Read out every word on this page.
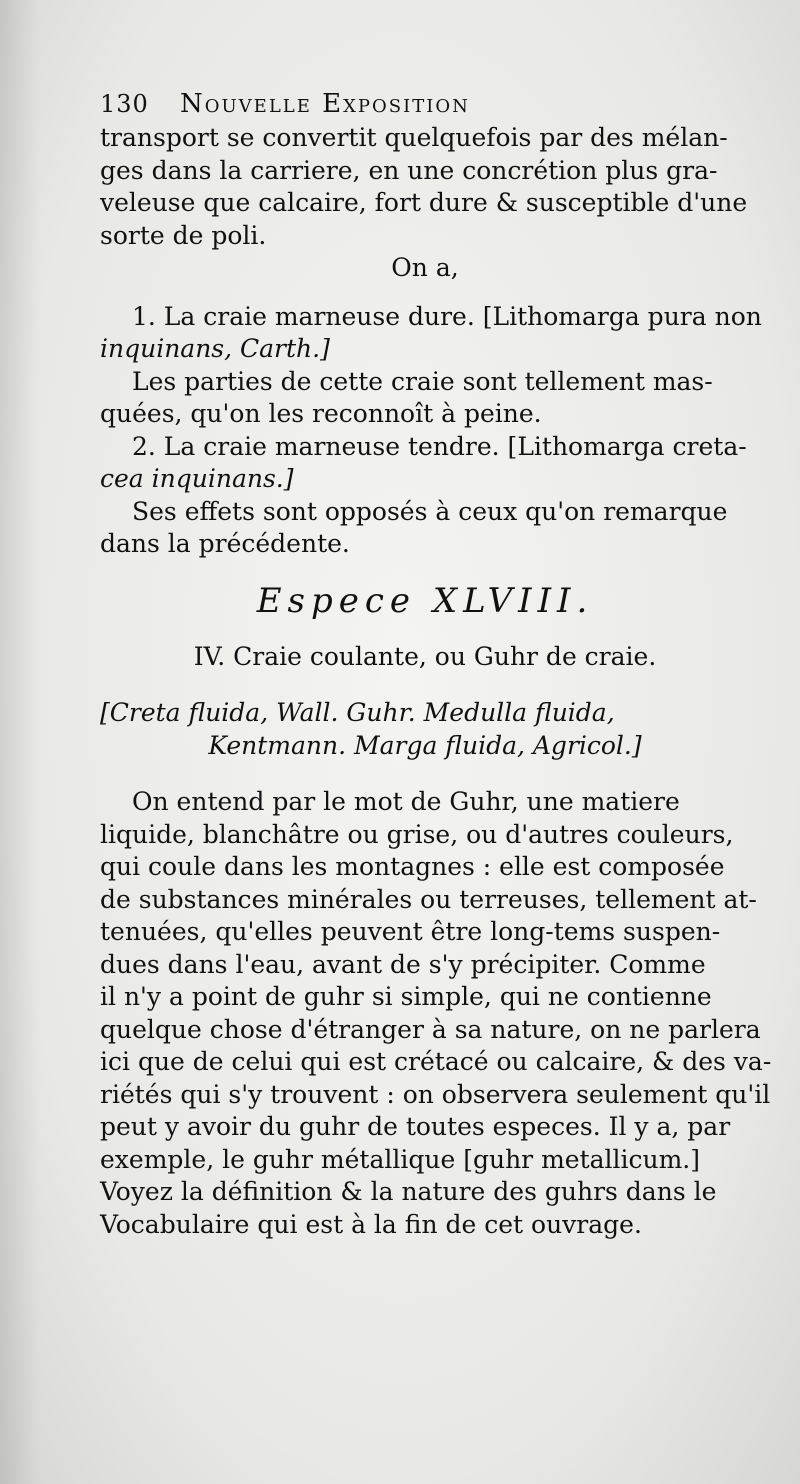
130	Nouvelle Exposition
transport se convertit quelquefois par des mélan-
ges dans la carriere, en une concrétion plus gra-
veleuse que calcaire, fort dure & susceptible d'une
sorte de poli.
On a,
1. La craie marneuse dure. [Lithomarga pura non
inquinans, Carth.]
Les parties de cette craie sont tellement mas-
quées, qu'on les reconnoît à peine.
2. La craie marneuse tendre. [Lithomarga creta-
cea inquinans.]
Ses effets sont opposés à ceux qu'on remarque
dans la précédente.
Espece XLVIII.
IV. Craie coulante, ou Guhr de craie.
[Creta fluida, Wall. Guhr. Medulla fluida,
Kentmann. Marga fluida, Agricol.]
On entend par le mot de Guhr, une matiere
liquide, blanchâtre ou grise, ou d'autres couleurs,
qui coule dans les montagnes : elle est composée
de substances minérales ou terreuses, tellement at-
tenuées, qu'elles peuvent être long-tems suspen-
dues dans l'eau, avant de s'y précipiter. Comme
il n'y a point de guhr si simple, qui ne contienne
quelque chose d'étranger à sa nature, on ne parlera
ici que de celui qui est crétacé ou calcaire, & des va-
riétés qui s'y trouvent : on observera seulement qu'il
peut y avoir du guhr de toutes especes. Il y a, par
exemple, le guhr métallique [guhr metallicum.]
Voyez la définition & la nature des guhrs dans le
Vocabulaire qui est à la fin de cet ouvrage.
